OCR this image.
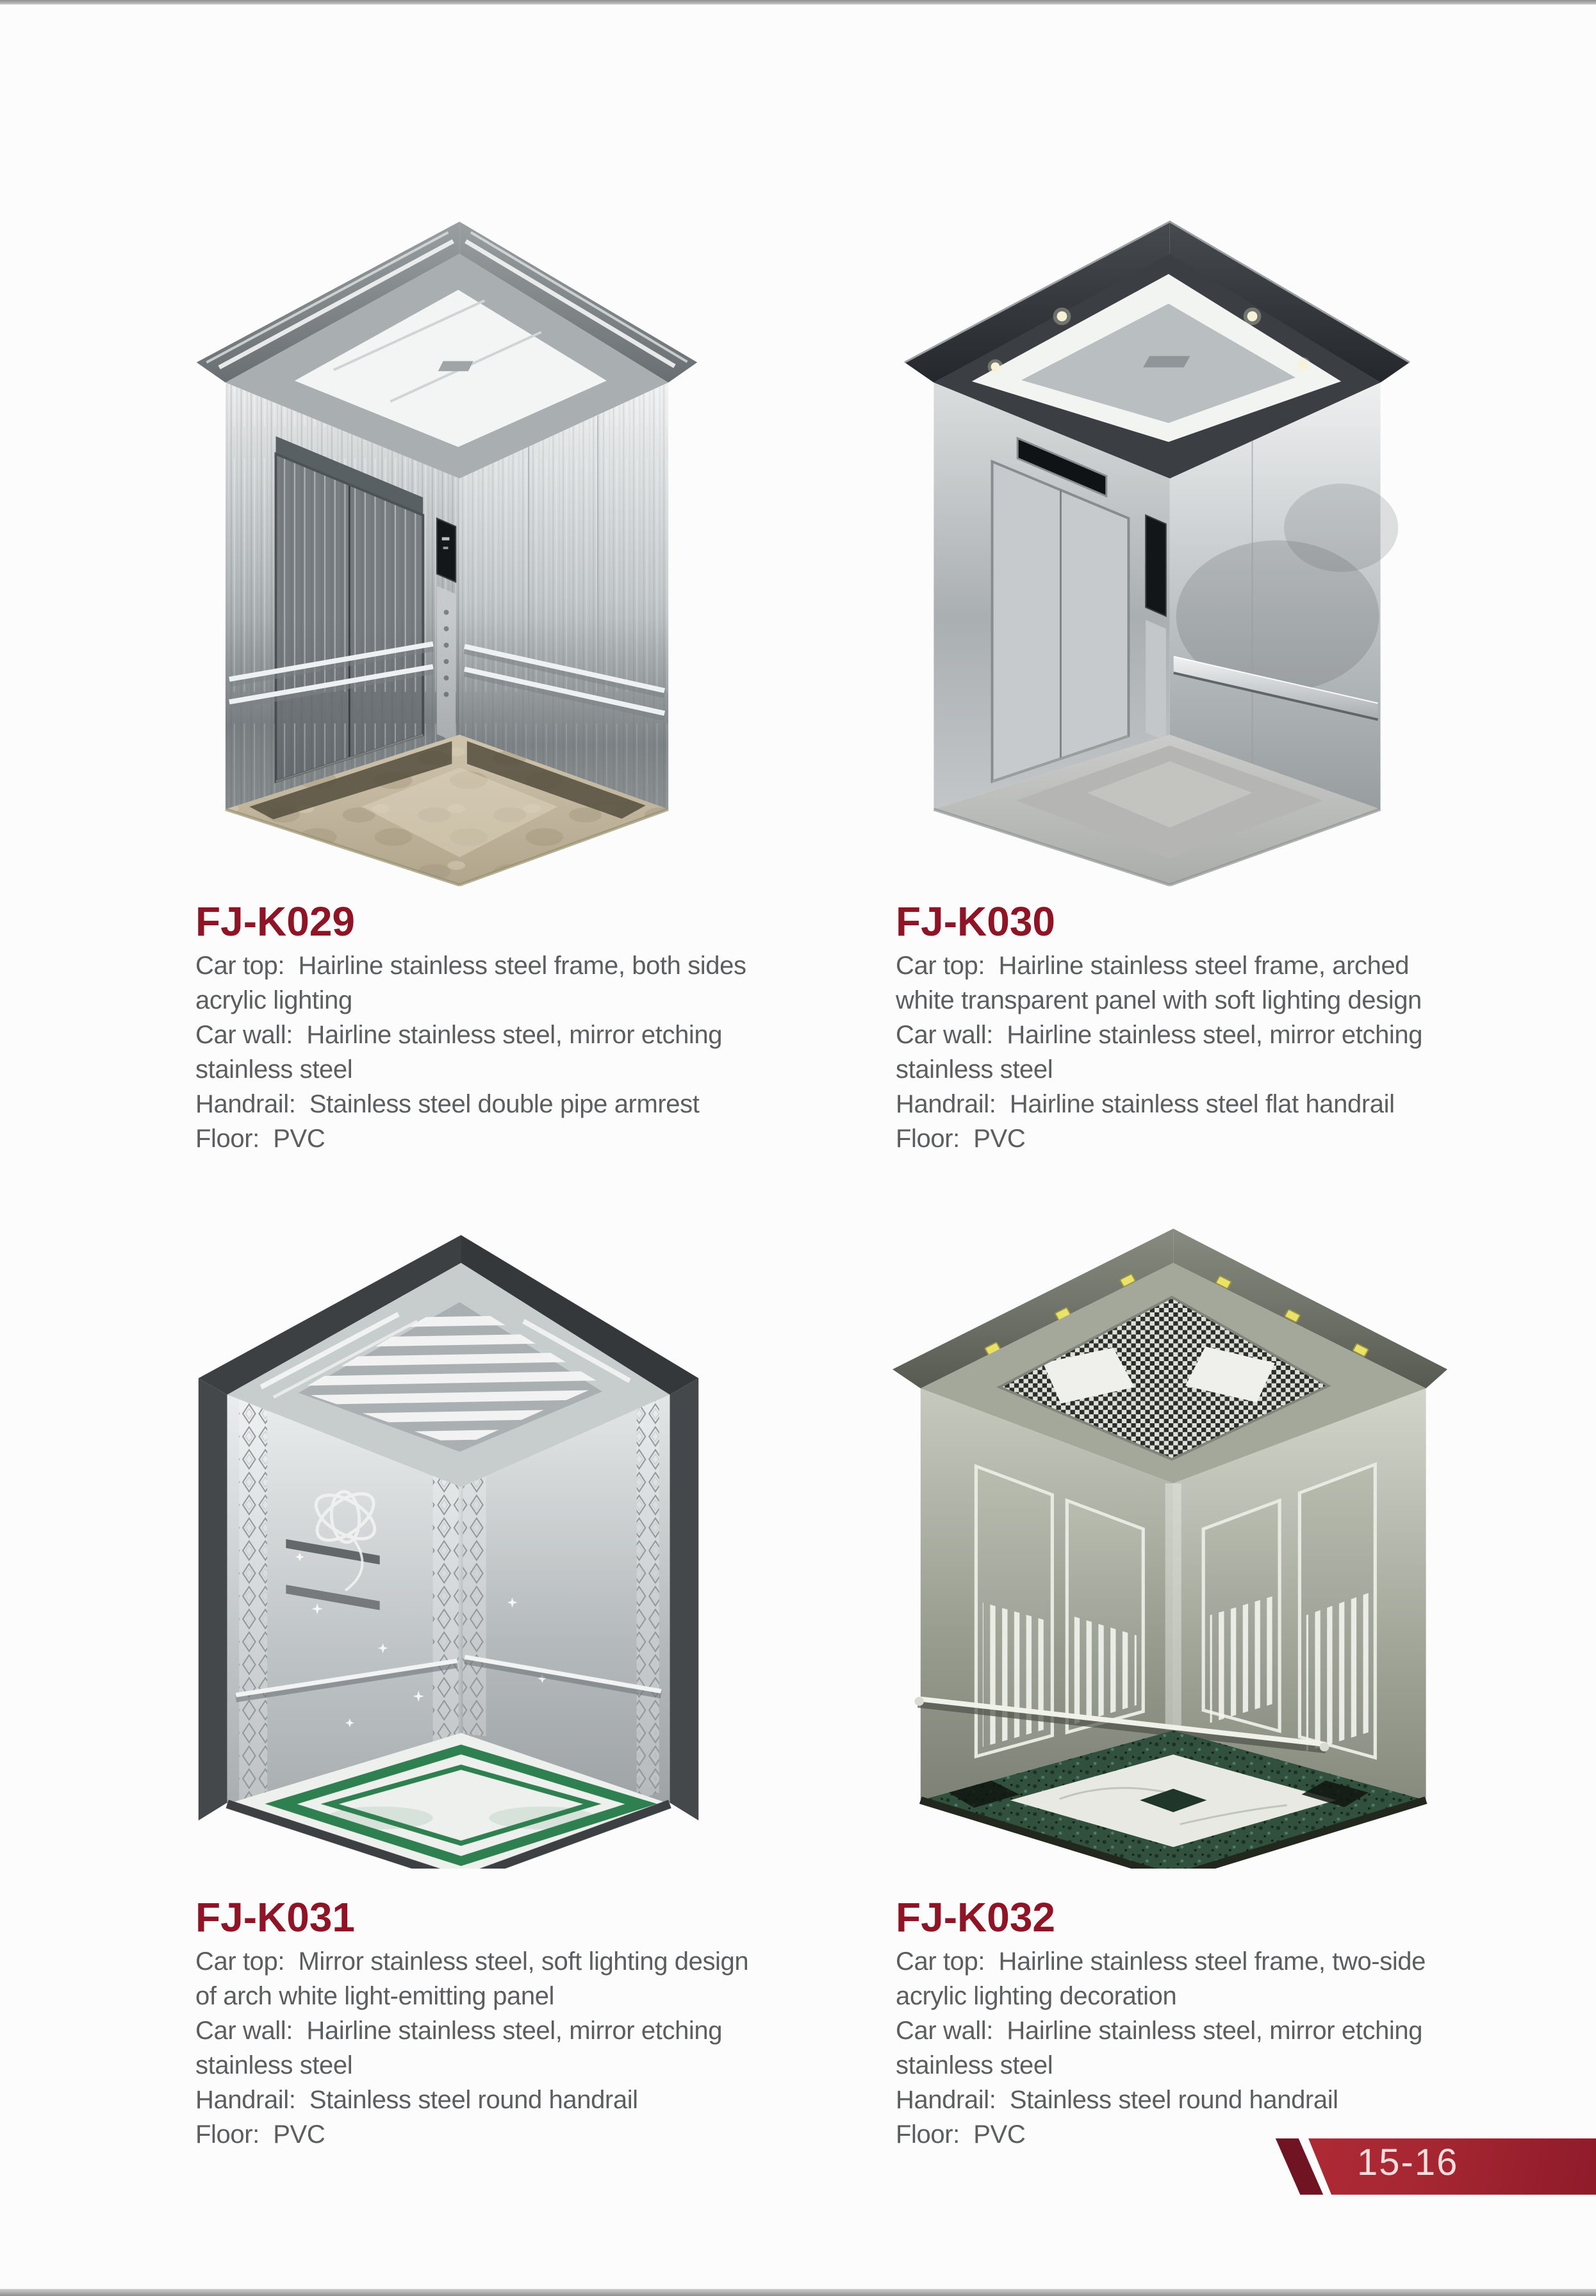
FJ-K029
Car top:  Hairline stainless steel frame, both sides
acrylic lighting
Car wall:  Hairline stainless steel, mirror etching
stainless steel
Handrail:  Stainless steel double pipe armrest
Floor:  PVC
FJ-K030
Car top:  Hairline stainless steel frame, arched
white transparent panel with soft lighting design
Car wall:  Hairline stainless steel, mirror etching
stainless steel
Handrail:  Hairline stainless steel flat handrail
Floor:  PVC
FJ-K031
Car top:  Mirror stainless steel, soft lighting design
of arch white light-emitting panel
Car wall:  Hairline stainless steel, mirror etching
stainless steel
Handrail:  Stainless steel round handrail
Floor:  PVC
FJ-K032
Car top:  Hairline stainless steel frame, two-side
acrylic lighting decoration
Car wall:  Hairline stainless steel, mirror etching
stainless steel
Handrail:  Stainless steel round handrail
Floor:  PVC
15-16
